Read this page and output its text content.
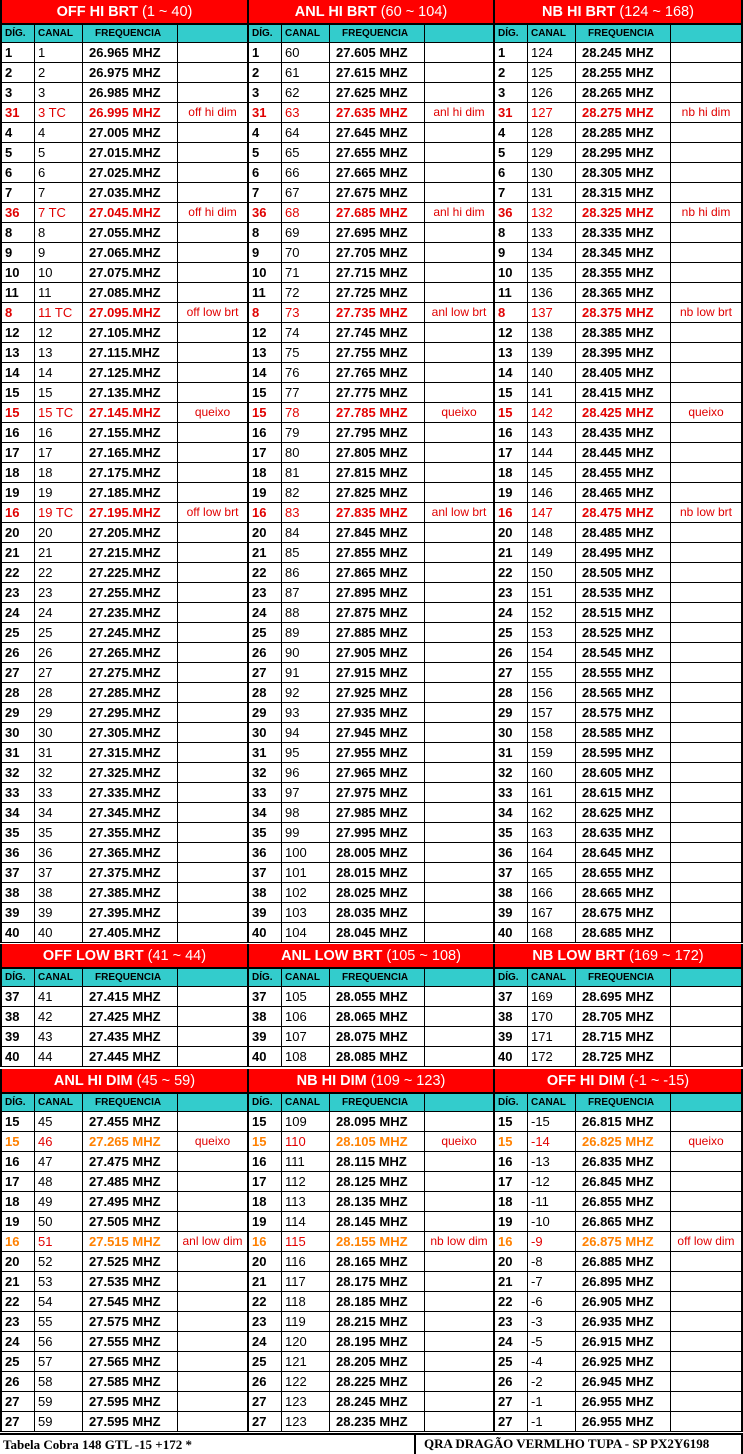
OFF HI BRT (1 ~ 40)
DÍG.	CANAL	FREQUENCIA
1	1	26.965 MHZ
2	2	26.975 MHZ
3	3	26.985 MHZ
31	3 TC	26.995 MHZ	off hi dim
4	4	27.005 MHZ
5	5	27.015.MHZ
6	6	27.025.MHZ
7	7	27.035.MHZ
36	7 TC	27.045.MHZ	off hi dim
8	8	27.055.MHZ
9	9	27.065.MHZ
10	10	27.075.MHZ
11	11	27.085.MHZ
8	11 TC	27.095.MHZ	off low brt
12	12	27.105.MHZ
13	13	27.115.MHZ
14	14	27.125.MHZ
15	15	27.135.MHZ
15	15 TC	27.145.MHZ	queixo
16	16	27.155.MHZ
17	17	27.165.MHZ
18	18	27.175.MHZ
19	19	27.185.MHZ
16	19 TC	27.195.MHZ	off low brt
20	20	27.205.MHZ
21	21	27.215.MHZ
22	22	27.225.MHZ
23	23	27.255.MHZ
24	24	27.235.MHZ
25	25	27.245.MHZ
26	26	27.265.MHZ
27	27	27.275.MHZ
28	28	27.285.MHZ
29	29	27.295.MHZ
30	30	27.305.MHZ
31	31	27.315.MHZ
32	32	27.325.MHZ
33	33	27.335.MHZ
34	34	27.345.MHZ
35	35	27.355.MHZ
36	36	27.365.MHZ
37	37	27.375.MHZ
38	38	27.385.MHZ
39	39	27.395.MHZ
40	40	27.405.MHZ
ANL HI BRT (60 ~ 104)
DÍG.	CANAL	FREQUENCIA
1	60	27.605 MHZ
2	61	27.615 MHZ
3	62	27.625 MHZ
31	63	27.635 MHZ	anl hi dim
4	64	27.645 MHZ
5	65	27.655 MHZ
6	66	27.665 MHZ
7	67	27.675 MHZ
36	68	27.685 MHZ	anl hi dim
8	69	27.695 MHZ
9	70	27.705 MHZ
10	71	27.715 MHZ
11	72	27.725 MHZ
8	73	27.735 MHZ	anl low brt
12	74	27.745 MHZ
13	75	27.755 MHZ
14	76	27.765 MHZ
15	77	27.775 MHZ
15	78	27.785 MHZ	queixo
16	79	27.795 MHZ
17	80	27.805 MHZ
18	81	27.815 MHZ
19	82	27.825 MHZ
16	83	27.835 MHZ	anl low brt
20	84	27.845 MHZ
21	85	27.855 MHZ
22	86	27.865 MHZ
23	87	27.895 MHZ
24	88	27.875 MHZ
25	89	27.885 MHZ
26	90	27.905 MHZ
27	91	27.915 MHZ
28	92	27.925 MHZ
29	93	27.935 MHZ
30	94	27.945 MHZ
31	95	27.955 MHZ
32	96	27.965 MHZ
33	97	27.975 MHZ
34	98	27.985 MHZ
35	99	27.995 MHZ
36	100	28.005 MHZ
37	101	28.015 MHZ
38	102	28.025 MHZ
39	103	28.035 MHZ
40	104	28.045 MHZ
NB HI BRT (124 ~ 168)
DÍG.	CANAL	FREQUENCIA
1	124	28.245 MHZ
2	125	28.255 MHZ
3	126	28.265 MHZ
31	127	28.275 MHZ	nb hi dim
4	128	28.285 MHZ
5	129	28.295 MHZ
6	130	28.305 MHZ
7	131	28.315 MHZ
36	132	28.325 MHZ	nb hi dim
8	133	28.335 MHZ
9	134	28.345 MHZ
10	135	28.355 MHZ
11	136	28.365 MHZ
8	137	28.375 MHZ	nb low brt
12	138	28.385 MHZ
13	139	28.395 MHZ
14	140	28.405 MHZ
15	141	28.415 MHZ
15	142	28.425 MHZ	queixo
16	143	28.435 MHZ
17	144	28.445 MHZ
18	145	28.455 MHZ
19	146	28.465 MHZ
16	147	28.475 MHZ	nb low brt
20	148	28.485 MHZ
21	149	28.495 MHZ
22	150	28.505 MHZ
23	151	28.535 MHZ
24	152	28.515 MHZ
25	153	28.525 MHZ
26	154	28.545 MHZ
27	155	28.555 MHZ
28	156	28.565 MHZ
29	157	28.575 MHZ
30	158	28.585 MHZ
31	159	28.595 MHZ
32	160	28.605 MHZ
33	161	28.615 MHZ
34	162	28.625 MHZ
35	163	28.635 MHZ
36	164	28.645 MHZ
37	165	28.655 MHZ
38	166	28.665 MHZ
39	167	28.675 MHZ
40	168	28.685 MHZ
OFF LOW BRT (41 ~ 44)
DÍG.	CANAL	FREQUENCIA
37	41	27.415 MHZ
38	42	27.425 MHZ
39	43	27.435 MHZ
40	44	27.445 MHZ
ANL LOW BRT (105 ~ 108)
DÍG.	CANAL	FREQUENCIA
37	105	28.055 MHZ
38	106	28.065 MHZ
39	107	28.075 MHZ
40	108	28.085 MHZ
NB LOW BRT (169 ~ 172)
DÍG.	CANAL	FREQUENCIA
37	169	28.695 MHZ
38	170	28.705 MHZ
39	171	28.715 MHZ
40	172	28.725 MHZ
ANL HI DIM (45 ~ 59)
DÍG.	CANAL	FREQUENCIA
15	45	27.455 MHZ
15	46	27.265 MHZ	queixo
16	47	27.475 MHZ
17	48	27.485 MHZ
18	49	27.495 MHZ
19	50	27.505 MHZ
16	51	27.515 MHZ	anl low dim
20	52	27.525 MHZ
21	53	27.535 MHZ
22	54	27.545 MHZ
23	55	27.575 MHZ
24	56	27.555 MHZ
25	57	27.565 MHZ
26	58	27.585 MHZ
27	59	27.595 MHZ
27	59	27.595 MHZ
NB HI DIM (109 ~ 123)
DÍG.	CANAL	FREQUENCIA
15	109	28.095 MHZ
15	110	28.105 MHZ	queixo
16	111	28.115 MHZ
17	112	28.125 MHZ
18	113	28.135 MHZ
19	114	28.145 MHZ
16	115	28.155 MHZ	nb low dim
20	116	28.165 MHZ
21	117	28.175 MHZ
22	118	28.185 MHZ
23	119	28.215 MHZ
24	120	28.195 MHZ
25	121	28.205 MHZ
26	122	28.225 MHZ
27	123	28.245 MHZ
27	123	28.235 MHZ
OFF HI DIM (-1 ~ -15)
DÍG.	CANAL	FREQUENCIA
15	-15	26.815 MHZ
15	-14	26.825 MHZ	queixo
16	-13	26.835 MHZ
17	-12	26.845 MHZ
18	-11	26.855 MHZ
19	-10	26.865 MHZ
16	-9	26.875 MHZ	off low dim
20	-8	26.885 MHZ
21	-7	26.895 MHZ
22	-6	26.905 MHZ
23	-3	26.935 MHZ
24	-5	26.915 MHZ
25	-4	26.925 MHZ
26	-2	26.945 MHZ
27	-1	26.955 MHZ
27	-1	26.955 MHZ
Tabela Cobra 148 GTL -15 +172 *	QRA DRAGÃO VERMLHO TUPA - SP PX2Y6198
